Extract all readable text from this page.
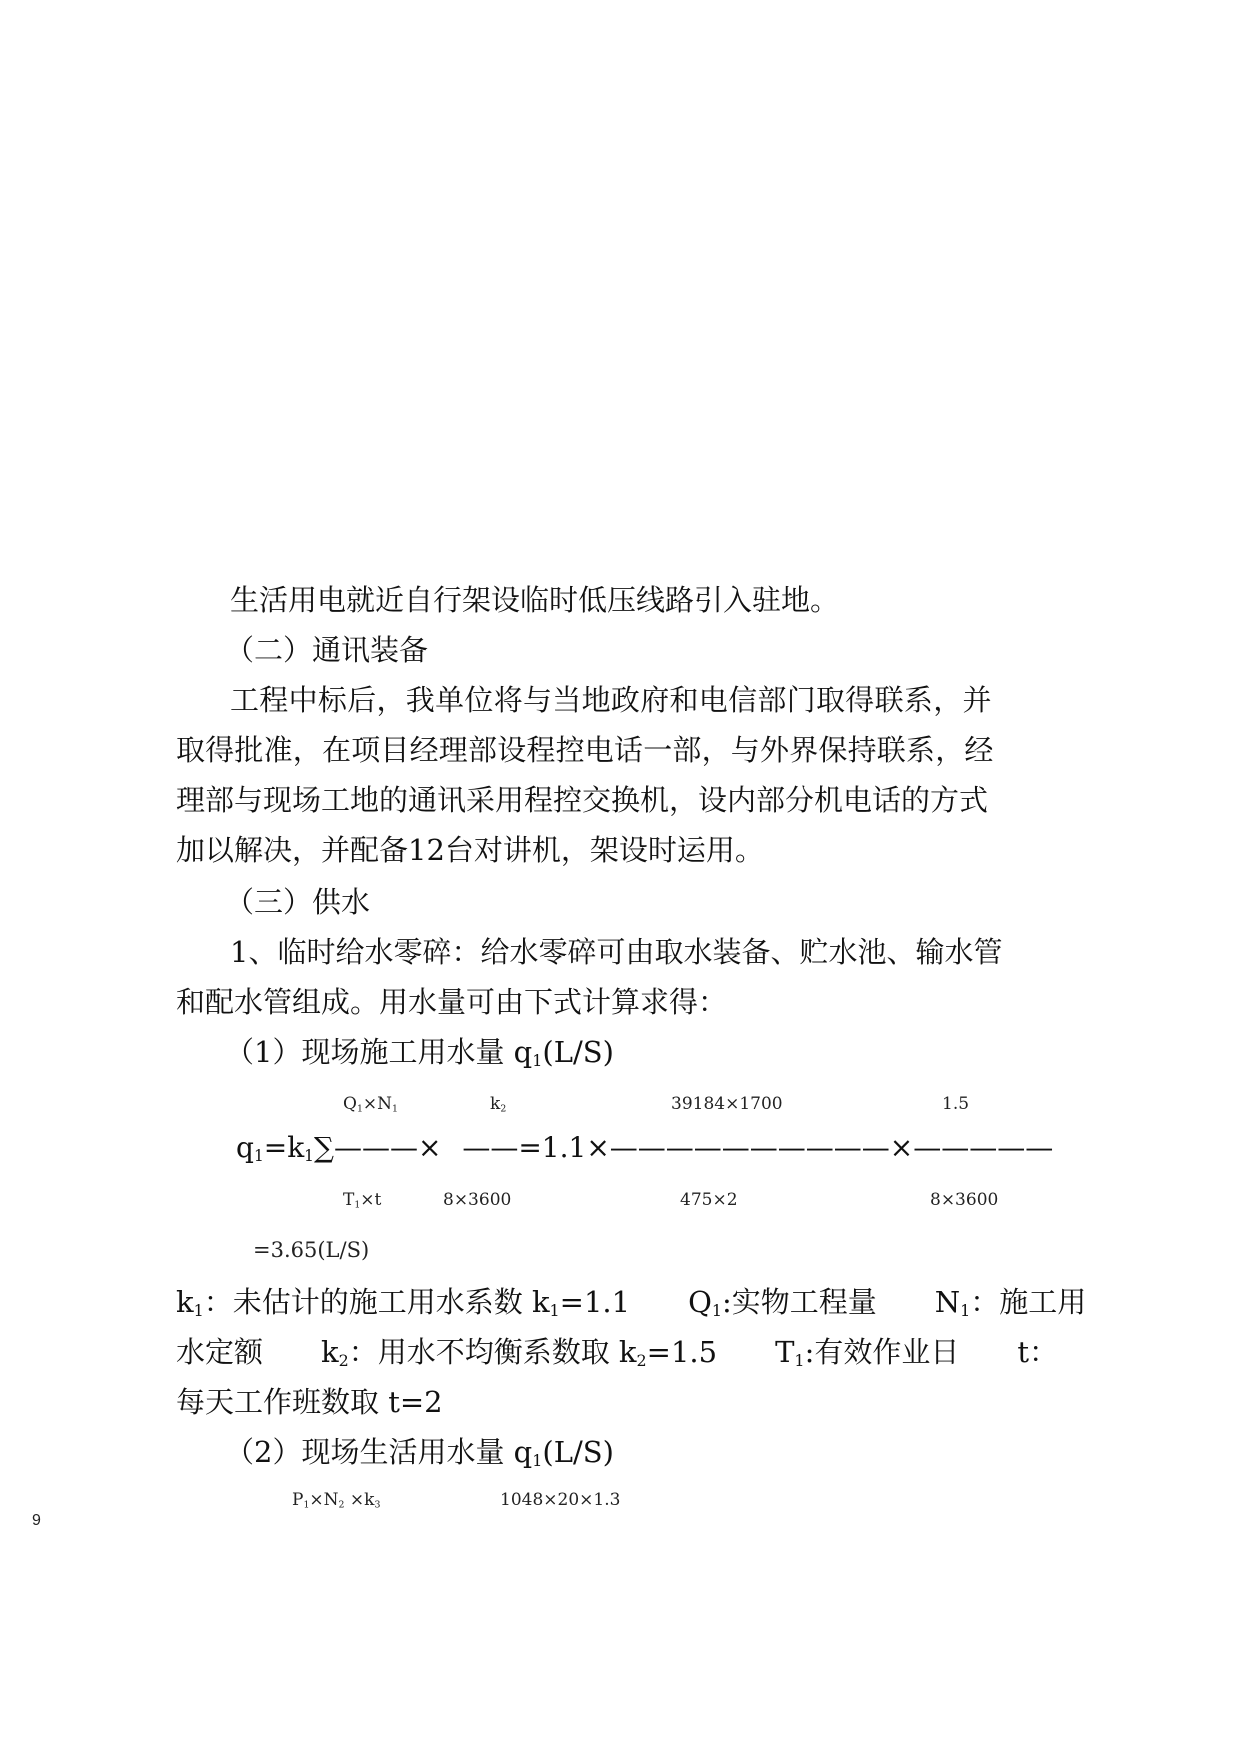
生活用电就近自行架设临时低压线路引入驻地。
（二）通讯装备
工程中标后，我单位将与当地政府和电信部门取得联系，并
取得批准，在项目经理部设程控电话一部，与外界保持联系，经
理部与现场工地的通讯采用程控交换机，设内部分机电话的方式
加以解决，并配备12台对讲机，架设时运用。
（三）供水
1、临时给水零碎：给水零碎可由取水装备、贮水池、输水管
和配水管组成。用水量可由下式计算求得：
（1）现场施工用水量 $q_1(L/S)$
$Q_1\times N_1$	$k_2$	39184×1700	1.5
$q_1=k_1\sum———\times$ ——=1.1×——————————×—————
$T_1\times t$	8×3600	475×2	8×3600
=3.65(L/S)
$k_1$：未估计的施工用水系数 $k_1=1.1$　　$Q_1$:实物工程量　　$N_1$：施工用
水定额　　$k_2$：用水不均衡系数取 $k_2=1.5$　　$T_1$:有效作业日　　t：
每天工作班数取 t=2
（2）现场生活用水量 $q_1(L/S)$
$P_1\times N_2 \times k_3$	1048×20×1.3
9
